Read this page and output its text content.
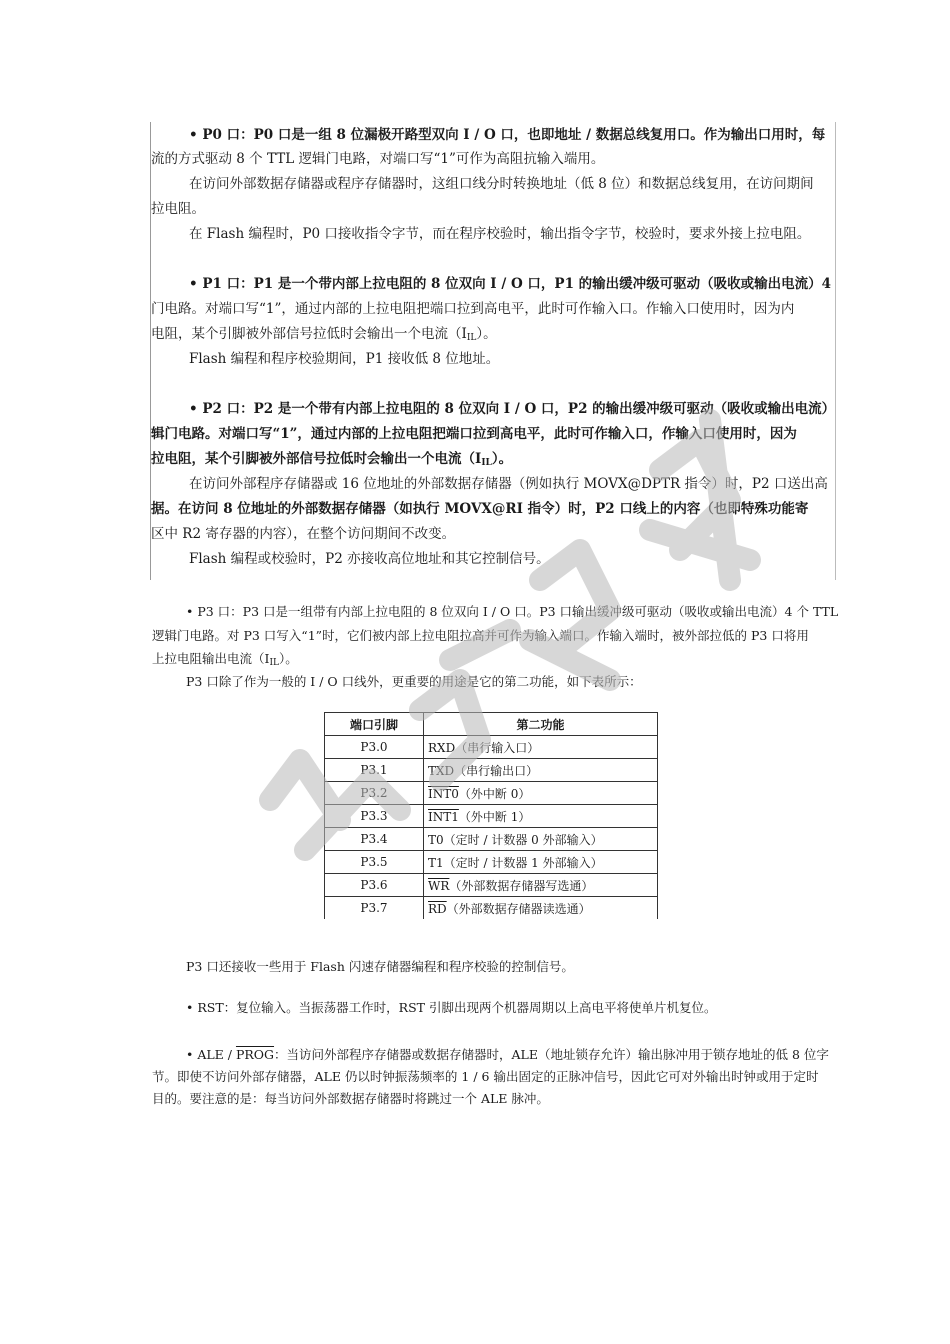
• P0 口：P0 口是一组 8 位漏极开路型双向 I / O 口，也即地址 / 数据总线复用口。作为输出口用时，每
流的方式驱动 8 个 TTL 逻辑门电路，对端口写“1”可作为高阻抗输入端用。
在访问外部数据存储器或程序存储器时，这组口线分时转换地址（低 8 位）和数据总线复用，在访问期间
拉电阻。
在 Flash 编程时，P0 口接收指令字节，而在程序校验时，输出指令字节，校验时，要求外接上拉电阻。
• P1 口：P1 是一个带内部上拉电阻的 8 位双向 I / O 口，P1 的输出缓冲级可驱动（吸收或输出电流）4
门电路。对端口写“1”，通过内部的上拉电阻把端口拉到高电平，此时可作输入口。作输入口使用时，因为内
电阻，某个引脚被外部信号拉低时会输出一个电流$(I_{IL})$。
Flash 编程和程序校验期间，P1 接收低 8 位地址。
• P2 口：P2 是一个带有内部上拉电阻的 8 位双向 I / O 口，P2 的输出缓冲级可驱动（吸收或输出电流）
辑门电路。对端口写“1”，通过内部的上拉电阻把端口拉到高电平，此时可作输入口，作输入口使用时，因为
拉电阻，某个引脚被外部信号拉低时会输出一个电流$(I_{IL})$。
在访问外部程序存储器或 16 位地址的外部数据存储器（例如执行 MOVX@DPTR 指令）时，P2 口送出高
据。在访问 8 位地址的外部数据存储器（如执行 MOVX@RI 指令）时，P2 口线上的内容（也即特殊功能寄
区中 R2 寄存器的内容），在整个访问期间不改变。
Flash 编程或校验时，P2 亦接收高位地址和其它控制信号。
• P3 口：P3 口是一组带有内部上拉电阻的 8 位双向 I / O 口。P3 口输出缓冲级可驱动（吸收或输出电流）4 个 TTL
逻辑门电路。对 P3 口写入“1”时，它们被内部上拉电阻拉高并可作为输入端口。作输入端时，被外部拉低的 P3 口将用
上拉电阻输出电流$(I_{IL})$。
P3 口除了作为一般的 I / O 口线外，更重要的用途是它的第二功能，如下表所示：
端口引脚	第二功能
P3.0	RXD（串行输入口）
P3.1	TXD（串行输出口）
P3.2	INT0（外中断 0）
P3.3	INT1（外中断 1）
P3.4	T0（定时 / 计数器 0 外部输入）
P3.5	T1（定时 / 计数器 1 外部输入）
P3.6	$\overline{WR}$（外部数据存储器写选通）
P3.7	$\overline{RD}$（外部数据存储器读选通）
P3 口还接收一些用于 Flash 闪速存储器编程和程序校验的控制信号。
• RST：复位输入。当振荡器工作时，RST 引脚出现两个机器周期以上高电平将使单片机复位。
• ALE / PROG：当访问外部程序存储器或数据存储器时，ALE（地址锁存允许）输出脉冲用于锁存地址的低 8 位字
节。即使不访问外部存储器，ALE 仍以时钟振荡频率的 1 / 6 输出固定的正脉冲信号，因此它可对外输出时钟或用于定时
目的。要注意的是：每当访问外部数据存储器时将跳过一个 ALE 脉冲。
